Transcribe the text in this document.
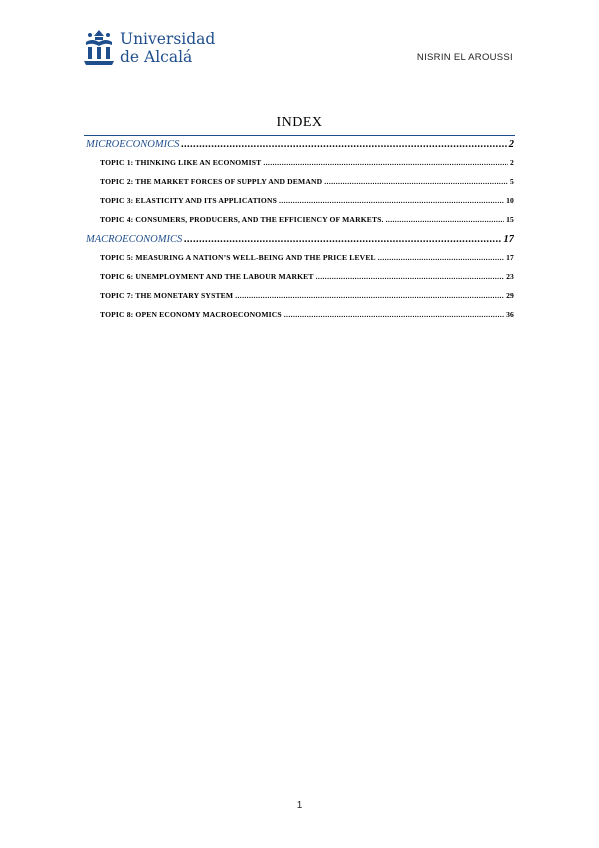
Universidad
de Alcalá	NISRIN EL AROUSSI
INDEX
MICROECONOMICS .....	2
TOPIC 1: THINKING LIKE AN ECONOMIST .....	2
TOPIC 2: THE MARKET FORCES OF SUPPLY AND DEMAND .....	5
TOPIC 3: ELASTICITY AND ITS APPLICATIONS .....	10
TOPIC 4: CONSUMERS, PRODUCERS, AND THE EFFICIENCY OF MARKETS. .....	15
MACROECONOMICS .....	17
TOPIC 5: MEASURING A NATION’S WELL-BEING AND THE PRICE LEVEL .....	17
TOPIC 6: UNEMPLOYMENT AND THE LABOUR MARKET .....	23
TOPIC 7: THE MONETARY SYSTEM .....	29
TOPIC 8: OPEN ECONOMY MACROECONOMICS .....	36
1
